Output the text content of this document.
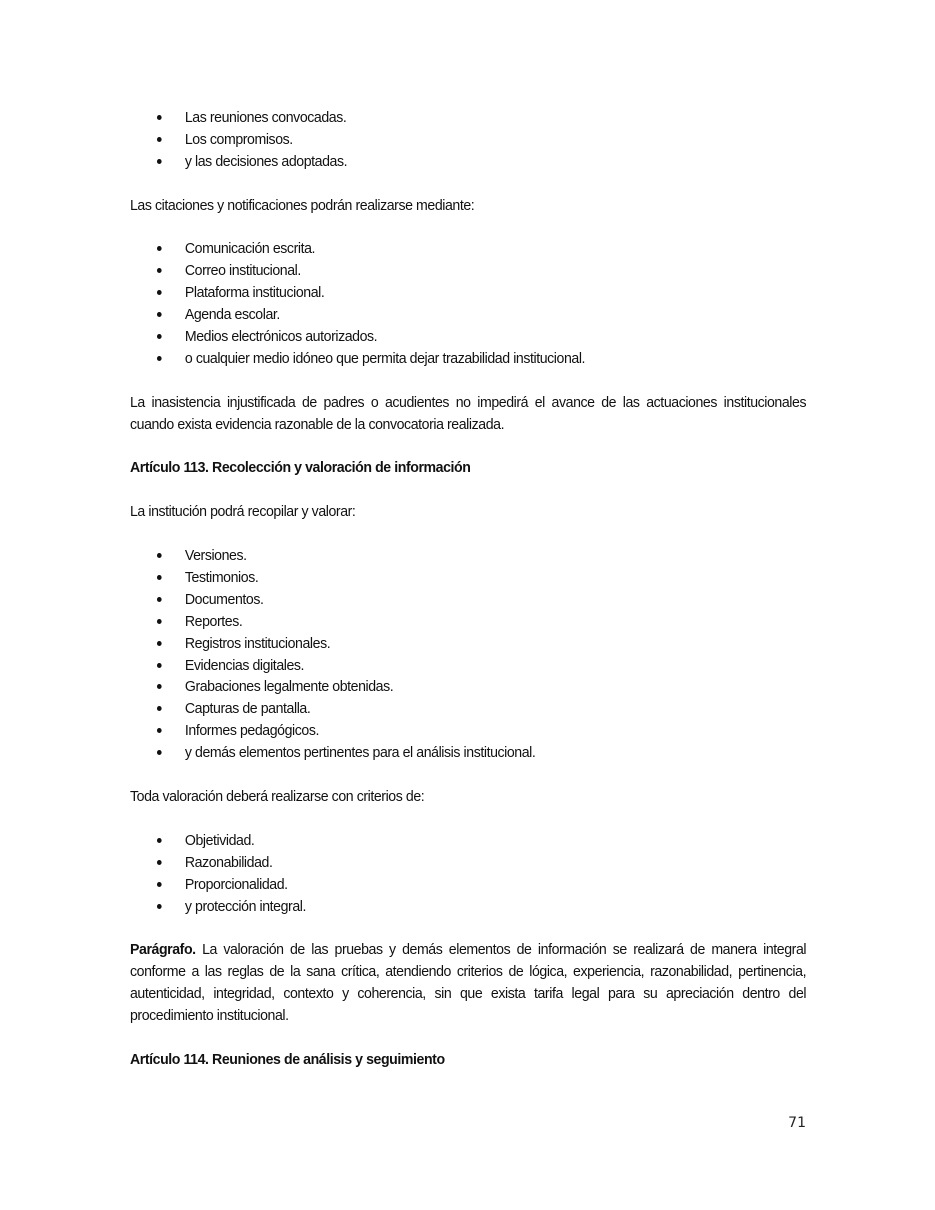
Las reuniones convocadas.
Los compromisos.
y las decisiones adoptadas.

Las citaciones y notificaciones podrán realizarse mediante:

Comunicación escrita.
Correo institucional.
Plataforma institucional.
Agenda escolar.
Medios electrónicos autorizados.
o cualquier medio idóneo que permita dejar trazabilidad institucional.

La inasistencia injustificada de padres o acudientes no impedirá el avance de las actuaciones institucionales cuando exista evidencia razonable de la convocatoria realizada.

Artículo 113. Recolección y valoración de información

La institución podrá recopilar y valorar:

Versiones.
Testimonios.
Documentos.
Reportes.
Registros institucionales.
Evidencias digitales.
Grabaciones legalmente obtenidas.
Capturas de pantalla.
Informes pedagógicos.
y demás elementos pertinentes para el análisis institucional.

Toda valoración deberá realizarse con criterios de:

Objetividad.
Razonabilidad.
Proporcionalidad.
y protección integral.

Parágrafo. La valoración de las pruebas y demás elementos de información se realizará de manera integral conforme a las reglas de la sana crítica, atendiendo criterios de lógica, experiencia, razonabilidad, pertinencia, autenticidad, integridad, contexto y coherencia, sin que exista tarifa legal para su apreciación dentro del procedimiento institucional.

Artículo 114. Reuniones de análisis y seguimiento

71
